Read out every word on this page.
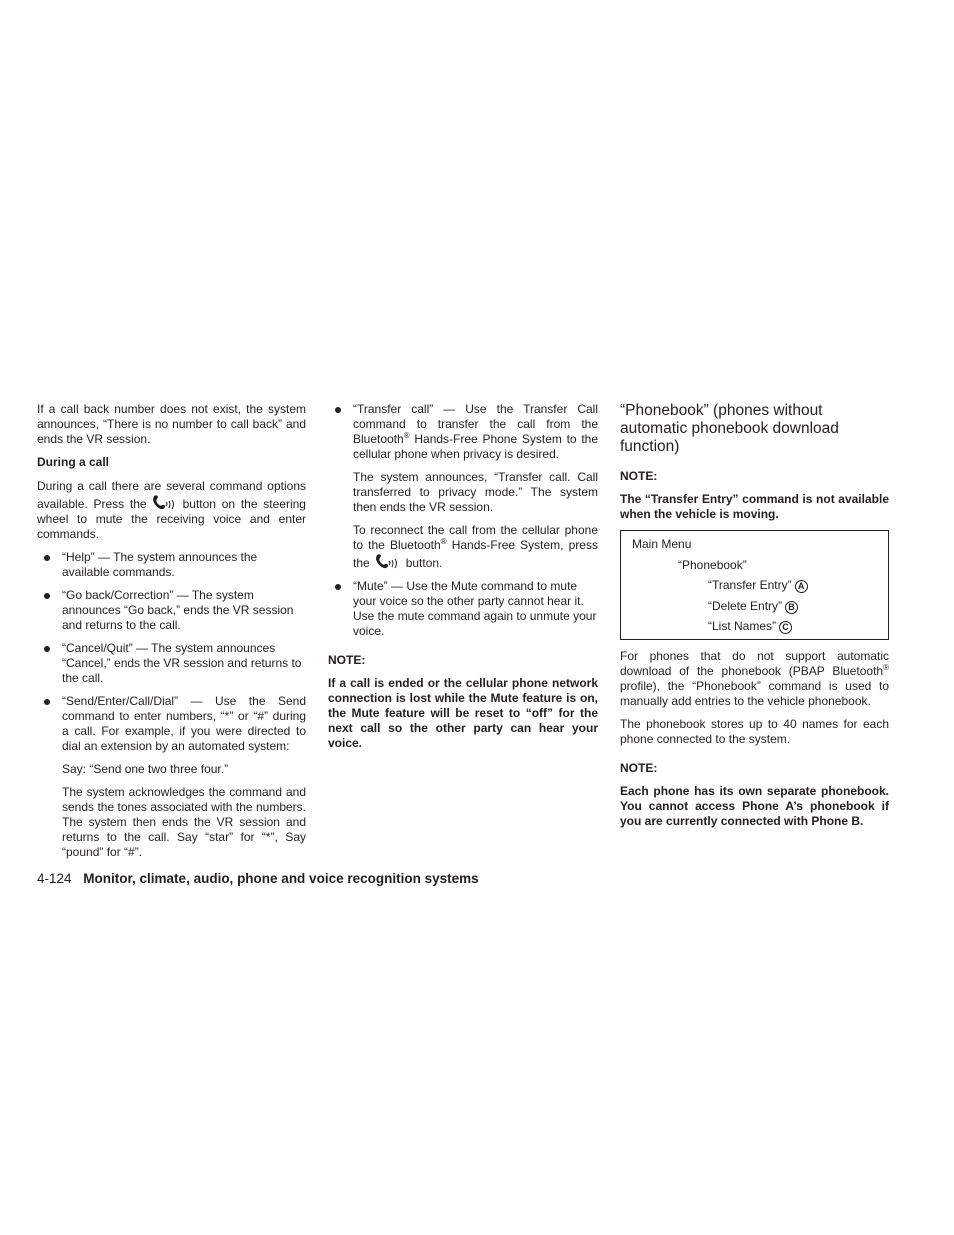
If a call back number does not exist, the system announces, “There is no number to call back” and ends the VR session.

During a call

During a call there are several command options available. Press the	button on the steering wheel to mute the receiving voice and enter commands.

“Help” — The system announces the available commands.
“Go back/Correction” — The system announces “Go back,” ends the VR session and returns to the call.
“Cancel/Quit” — The system announces “Cancel,” ends the VR session and returns to the call.

“Send/Enter/Call/Dial” — Use the Send command to enter numbers, “*” or “#” during a call. For example, if you were directed to dial an extension by an automated system:

Say: “Send one two three four.”

The system acknowledges the command and sends the tones associated with the numbers. The system then ends the VR session and returns to the call. Say “star” for “*”, Say “pound” for “#”.

“Transfer call” — Use the Transfer Call command to transfer the call from the Bluetooth® Hands-Free Phone System to the cellular phone when privacy is desired.

The system announces, “Transfer call. Call transferred to privacy mode.” The system then ends the VR session.

To reconnect the call from the cellular phone to the Bluetooth® Hands-Free System, press the	button.

“Mute” — Use the Mute command to mute your voice so the other party cannot hear it. Use the mute command again to unmute your voice.
NOTE:
If a call is ended or the cellular phone network connection is lost while the Mute feature is on, the Mute feature will be reset to “off” for the next call so the other party can hear your voice.
“Phonebook” (phones without automatic phonebook download function)
NOTE:
The “Transfer Entry” command is not available when the vehicle is moving.
Main Menu
“Phonebook”
“Transfer Entry” A
“Delete Entry” B
“List Names” C

For phones that do not support automatic download of the phonebook (PBAP Bluetooth® profile), the “Phonebook” command is used to manually add entries to the vehicle phonebook.

The phonebook stores up to 40 names for each phone connected to the system.

NOTE:
Each phone has its own separate phonebook. You cannot access Phone A’s phonebook if you are currently connected with Phone B.
4-124 Monitor, climate, audio, phone and voice recognition systems
